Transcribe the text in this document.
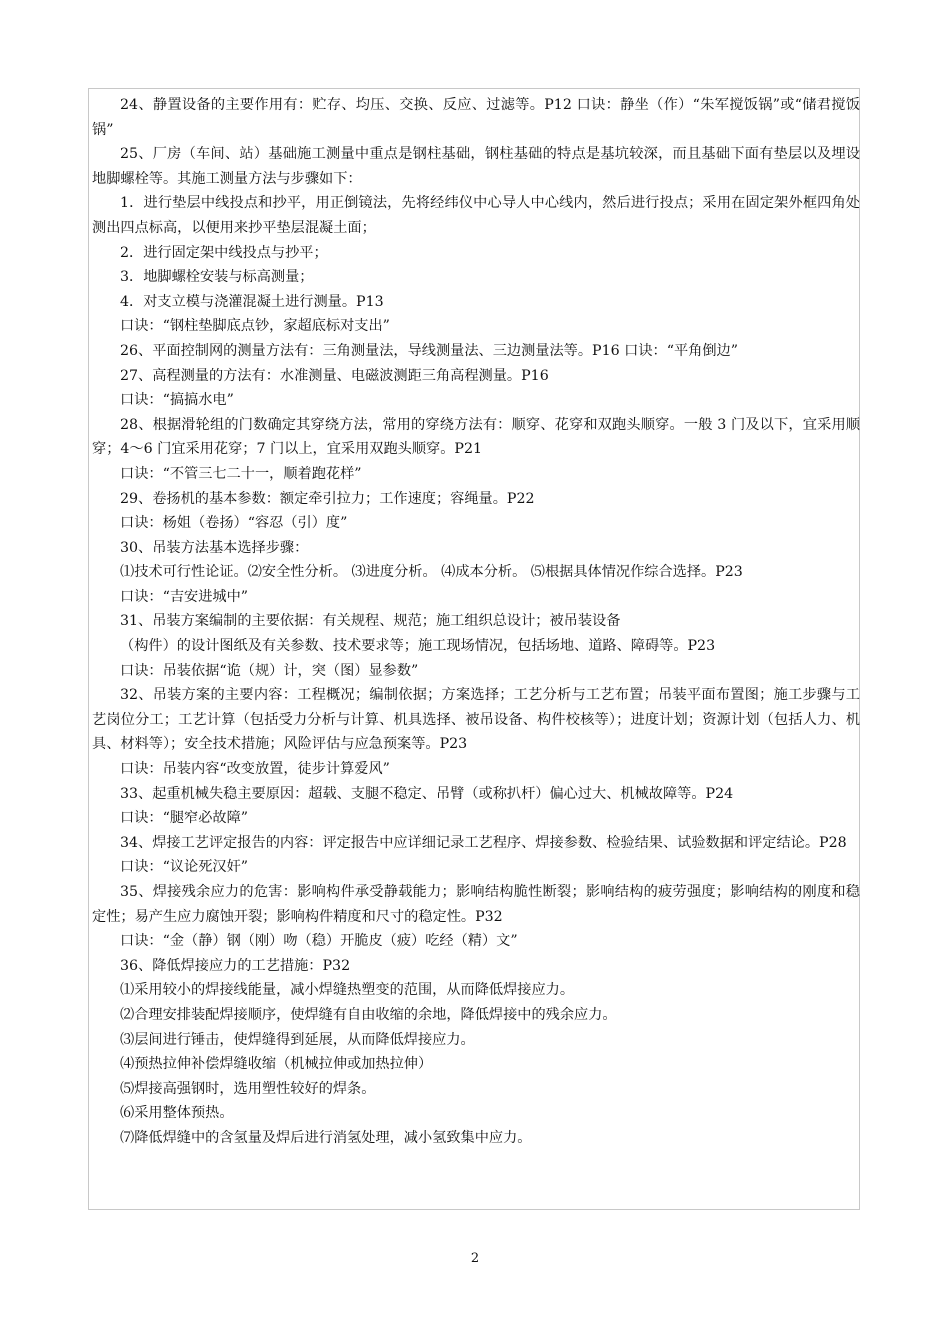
24、静置设备的主要作用有：贮存、均压、交换、反应、过滤等。P12 口诀：静坐（作）“朱军搅饭锅”或“储君搅饭锅”

25、厂房（车间、站）基础施工测量中重点是钢柱基础，钢柱基础的特点是基坑较深，而且基础下面有垫层以及埋设地脚螺栓等。其施工测量方法与步骤如下：

1．进行垫层中线投点和抄平，用正倒镜法，先将经纬仪中心导人中心线内，然后进行投点；采用在固定架外框四角处测出四点标高，以便用来抄平垫层混凝土面；

2．进行固定架中线投点与抄平；

3．地脚螺栓安装与标高测量；

4．对支立模与浇灌混凝土进行测量。P13

口诀：“钢柱垫脚底点钞，家超底标对支出”

26、平面控制网的测量方法有：三角测量法，导线测量法、三边测量法等。P16 口诀：“平角倒边”

27、高程测量的方法有：水准测量、电磁波测距三角高程测量。P16

口诀：“搞搞水电”

28、根据滑轮组的门数确定其穿绕方法，常用的穿绕方法有：顺穿、花穿和双跑头顺穿。一般 3 门及以下，宜采用顺穿；4～6 门宜采用花穿；7 门以上，宜采用双跑头顺穿。P21

口诀：“不管三七二十一，顺着跑花样”

29、卷扬机的基本参数：额定牵引拉力；工作速度；容绳量。P22

口诀：杨姐（卷扬）“容忍（引）度”

30、吊装方法基本选择步骤：

⑴技术可行性论证。⑵安全性分析。 ⑶进度分析。 ⑷成本分析。 ⑸根据具体情况作综合选择。P23

口诀：“吉安进城中”

31、吊装方案编制的主要依据：有关规程、规范；施工组织总设计；被吊装设备

（构件）的设计图纸及有关参数、技术要求等；施工现场情况，包括场地、道路、障碍等。P23

口诀：吊装依据“诡（规）计，突（图）显参数”

32、吊装方案的主要内容：工程概况；编制依据；方案选择；工艺分析与工艺布置；吊装平面布置图；施工步骤与工艺岗位分工；工艺计算（包括受力分析与计算、机具选择、被吊设备、构件校核等）；进度计划；资源计划（包括人力、机具、材料等）；安全技术措施；风险评估与应急预案等。P23

口诀：吊装内容“改变放置，徒步计算爱风”

33、起重机械失稳主要原因：超载、支腿不稳定、吊臂（或称扒杆）偏心过大、机械故障等。P24

口诀：“腿窄必故障”

34、焊接工艺评定报告的内容：评定报告中应详细记录工艺程序、焊接参数、检验结果、试验数据和评定结论。P28

口诀：“议论死汉奸”

35、焊接残余应力的危害：影响构件承受静载能力；影响结构脆性断裂；影响结构的疲劳强度；影响结构的刚度和稳定性；易产生应力腐蚀开裂；影响构件精度和尺寸的稳定性。P32

口诀：“金（静）钢（刚）吻（稳）开脆皮（疲）吃经（精）文”

36、降低焊接应力的工艺措施：P32

⑴采用较小的焊接线能量，减小焊缝热塑变的范围，从而降低焊接应力。

⑵合理安排装配焊接顺序，使焊缝有自由收缩的余地，降低焊接中的残余应力。

⑶层间进行锤击，使焊缝得到延展，从而降低焊接应力。

⑷预热拉伸补偿焊缝收缩（机械拉伸或加热拉伸）

⑸焊接高强钢时，选用塑性较好的焊条。

⑹采用整体预热。

⑺降低焊缝中的含氢量及焊后进行消氢处理，减小氢致集中应力。

2
